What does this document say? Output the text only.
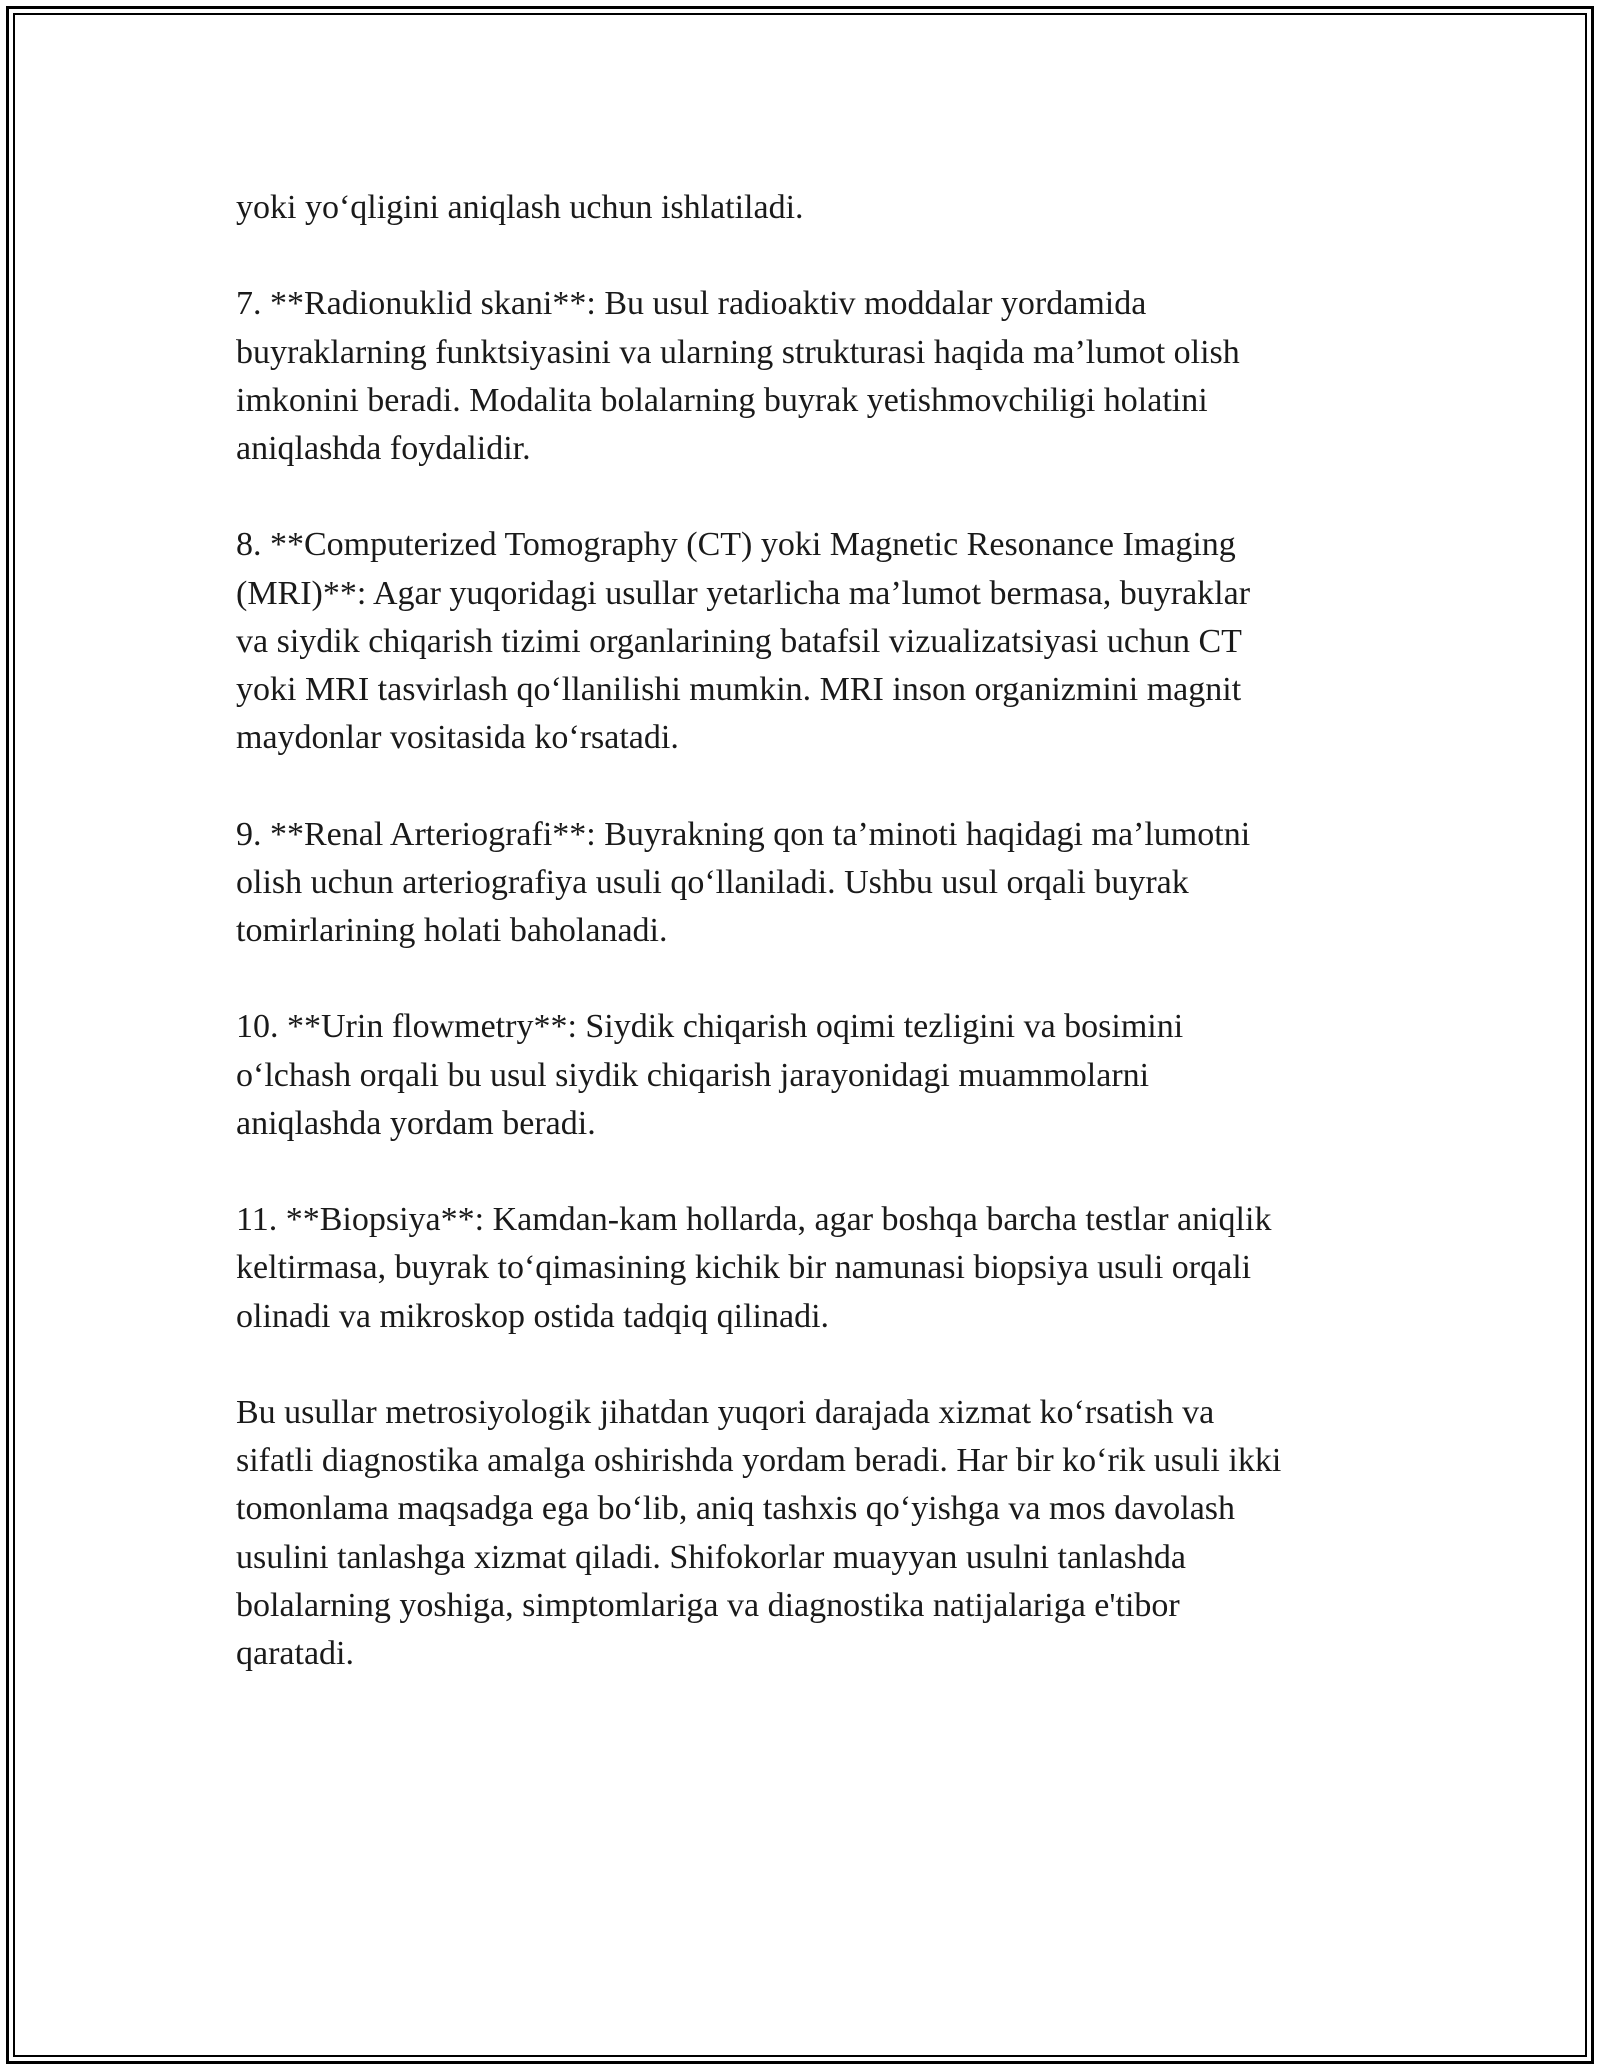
yoki yo‘qligini aniqlash uchun ishlatiladi.

7. **Radionuklid skani**: Bu usul radioaktiv moddalar yordamida
buyraklarning funktsiyasini va ularning strukturasi haqida ma’lumot olish
imkonini beradi. Modalita bolalarning buyrak yetishmovchiligi holatini
aniqlashda foydalidir.

8. **Computerized Tomography (CT) yoki Magnetic Resonance Imaging
(MRI)**: Agar yuqoridagi usullar yetarlicha ma’lumot bermasa, buyraklar
va siydik chiqarish tizimi organlarining batafsil vizualizatsiyasi uchun CT
yoki MRI tasvirlash qo‘llanilishi mumkin. MRI inson organizmini magnit
maydonlar vositasida ko‘rsatadi.

9. **Renal Arteriografi**: Buyrakning qon ta’minoti haqidagi ma’lumotni
olish uchun arteriografiya usuli qo‘llaniladi. Ushbu usul orqali buyrak
tomirlarining holati baholanadi.

10. **Urin flowmetry**: Siydik chiqarish oqimi tezligini va bosimini
o‘lchash orqali bu usul siydik chiqarish jarayonidagi muammolarni
aniqlashda yordam beradi.

11. **Biopsiya**: Kamdan-kam hollarda, agar boshqa barcha testlar aniqlik
keltirmasa, buyrak to‘qimasining kichik bir namunasi biopsiya usuli orqali
olinadi va mikroskop ostida tadqiq qilinadi.

Bu usullar metrosiyologik jihatdan yuqori darajada xizmat ko‘rsatish va
sifatli diagnostika amalga oshirishda yordam beradi. Har bir ko‘rik usuli ikki
tomonlama maqsadga ega bo‘lib, aniq tashxis qo‘yishga va mos davolash
usulini tanlashga xizmat qiladi. Shifokorlar muayyan usulni tanlashda
bolalarning yoshiga, simptomlariga va diagnostika natijalariga e'tibor
qaratadi.
